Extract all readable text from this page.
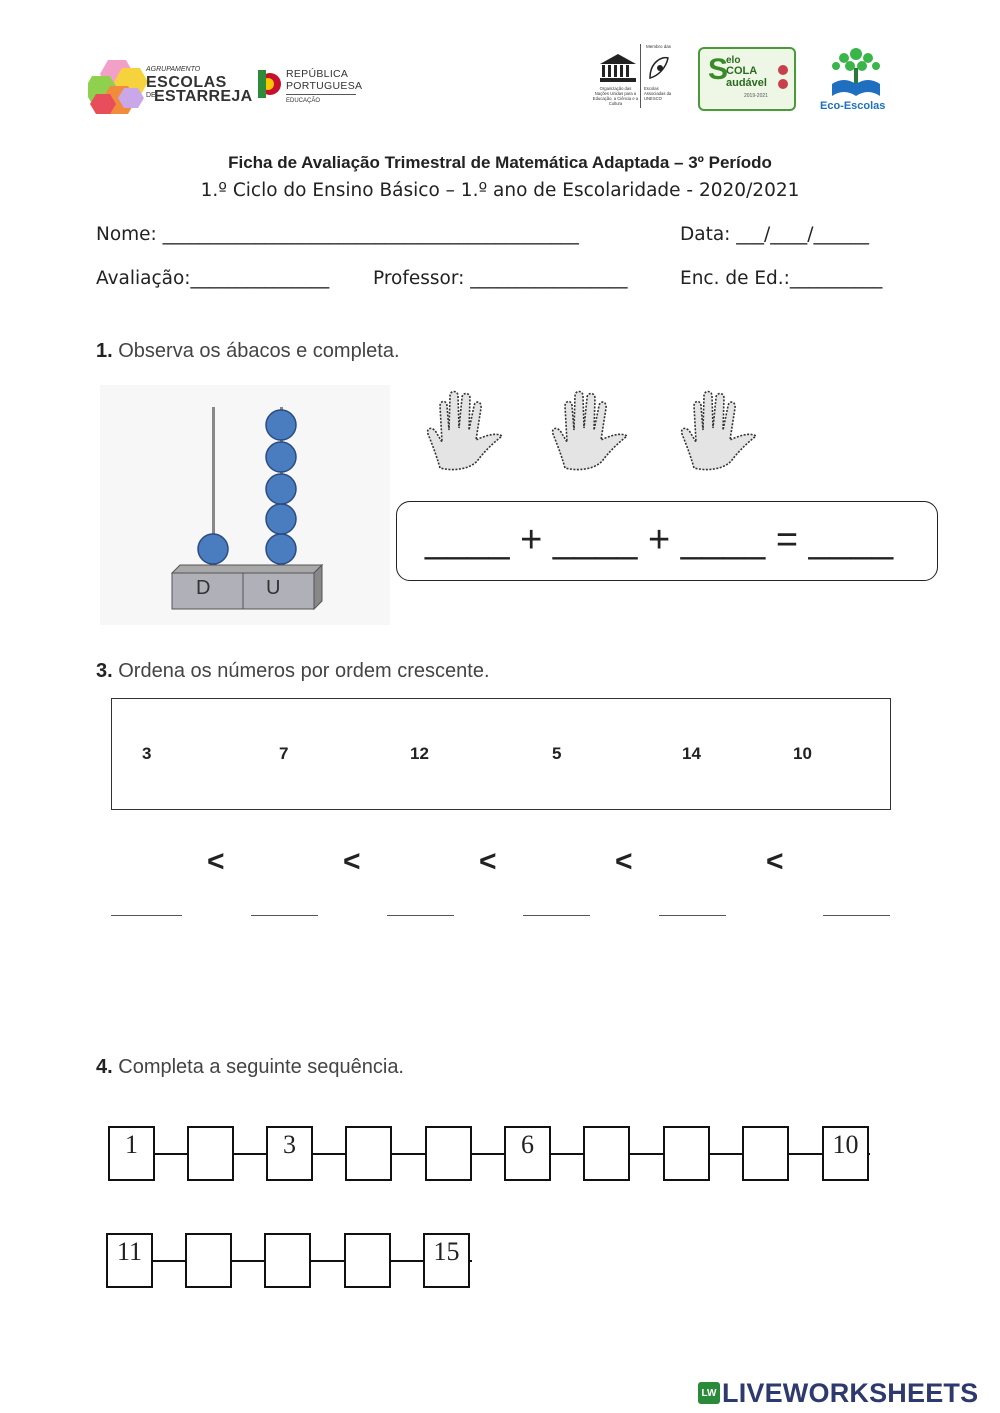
AGRUPAMENTO
ESCOLAS
DE
ESTARREJA
REPÚBLICA
PORTUGUESA
EDUCAÇÃO
Membro das
Organização das Nações Unidas para a Educação, a Ciência e a Cultura
Escolas Associadas da UNESCO
S
elo
COLA
audável
2019-2021
Eco-Escolas
Ficha de Avaliação Trimestral de Matemática Adaptada – 3º Período
1.º Ciclo do Ensino Básico – 1.º ano de Escolaridade - 2020/2021
Nome: _____________________________________________	Data: ___/____/______
Avaliação:_______________ Professor: _________________	Enc. de Ed.:__________
1. Observa os ábacos e completa.
D	U
____ + ____ + ____ = ____
3. Ordena os números por ordem crescente.
3	7	12	5	14	10
<	<	<	<	<
4. Completa a seguinte sequência.
1	3	6	10
11	15
LW LIVEWORKSHEETS
